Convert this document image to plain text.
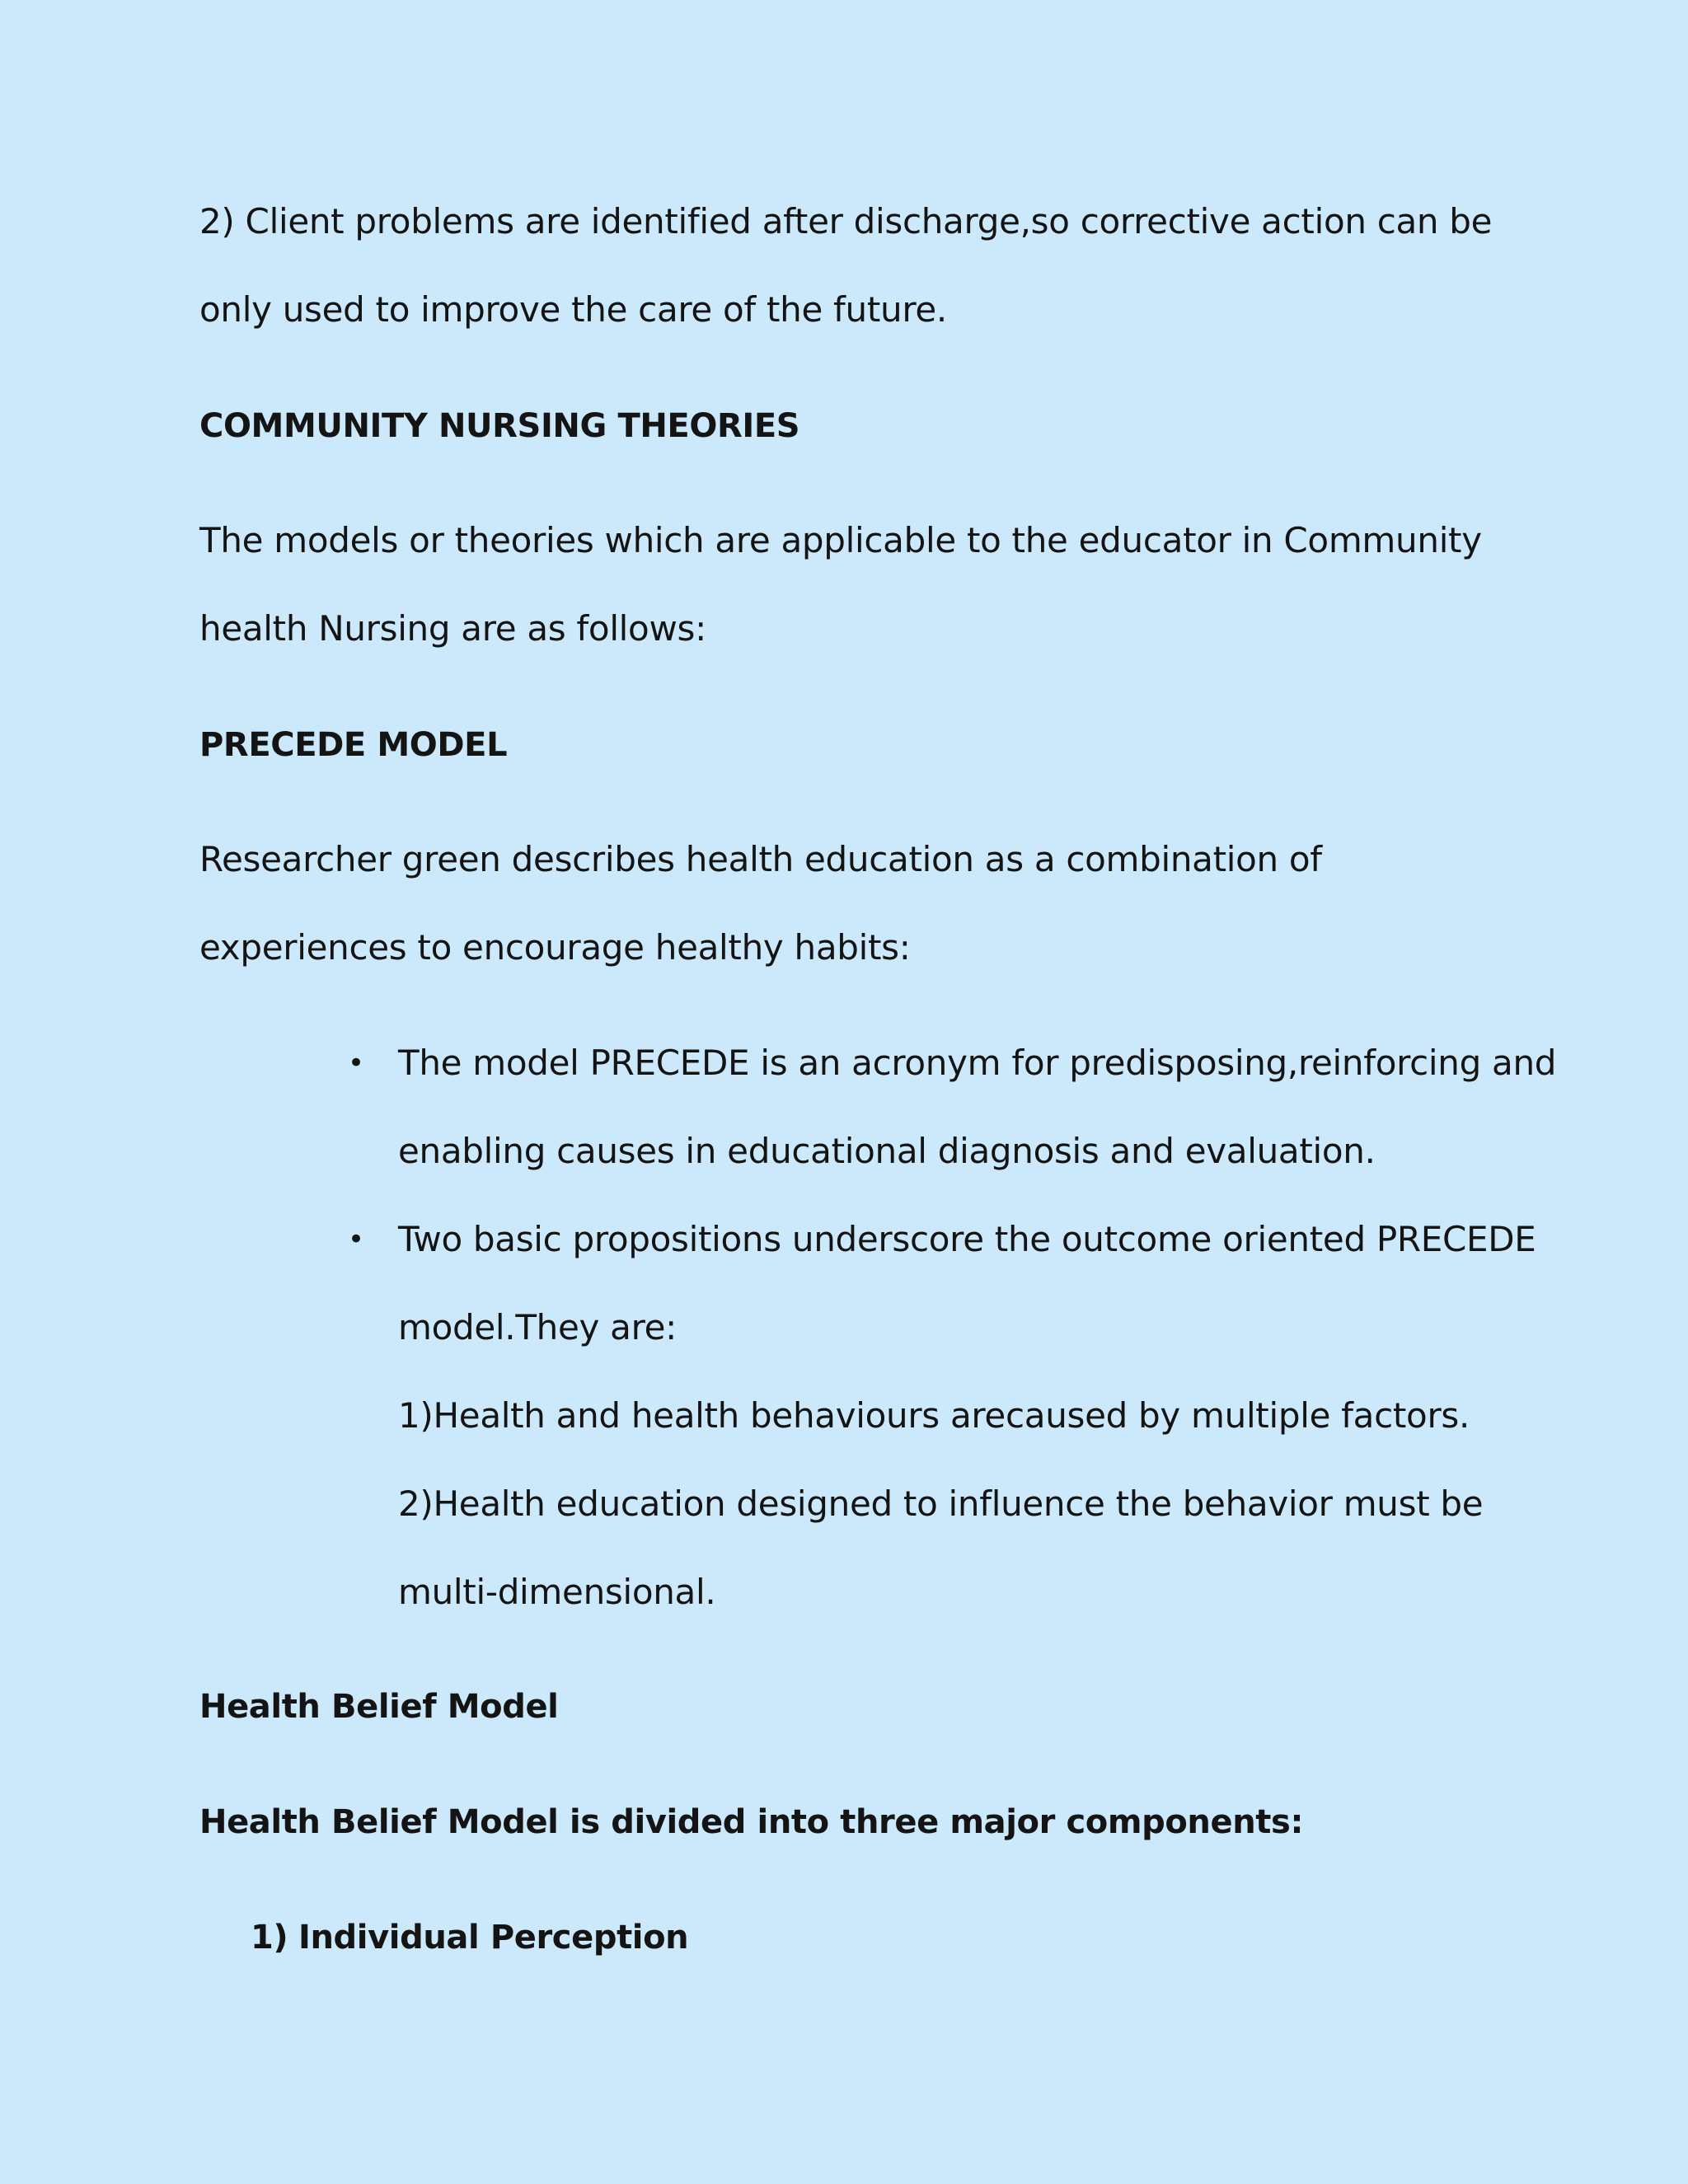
2) Client problems are identified after discharge,so corrective action can be
only used to improve the care of the future.
COMMUNITY NURSING THEORIES
The models or theories which are applicable to the educator in Community
health Nursing are as follows:
PRECEDE MODEL
Researcher green describes health education as a combination of
experiences to encourage healthy habits:
• The model PRECEDE is an acronym for predisposing,reinforcing and
enabling causes in educational diagnosis and evaluation.
• Two basic propositions underscore the outcome oriented PRECEDE
model.They are:
1)Health and health behaviours arecaused by multiple factors.
2)Health education designed to influence the behavior must be
multi-dimensional.
Health Belief Model
Health Belief Model is divided into three major components:
1) Individual Perception
